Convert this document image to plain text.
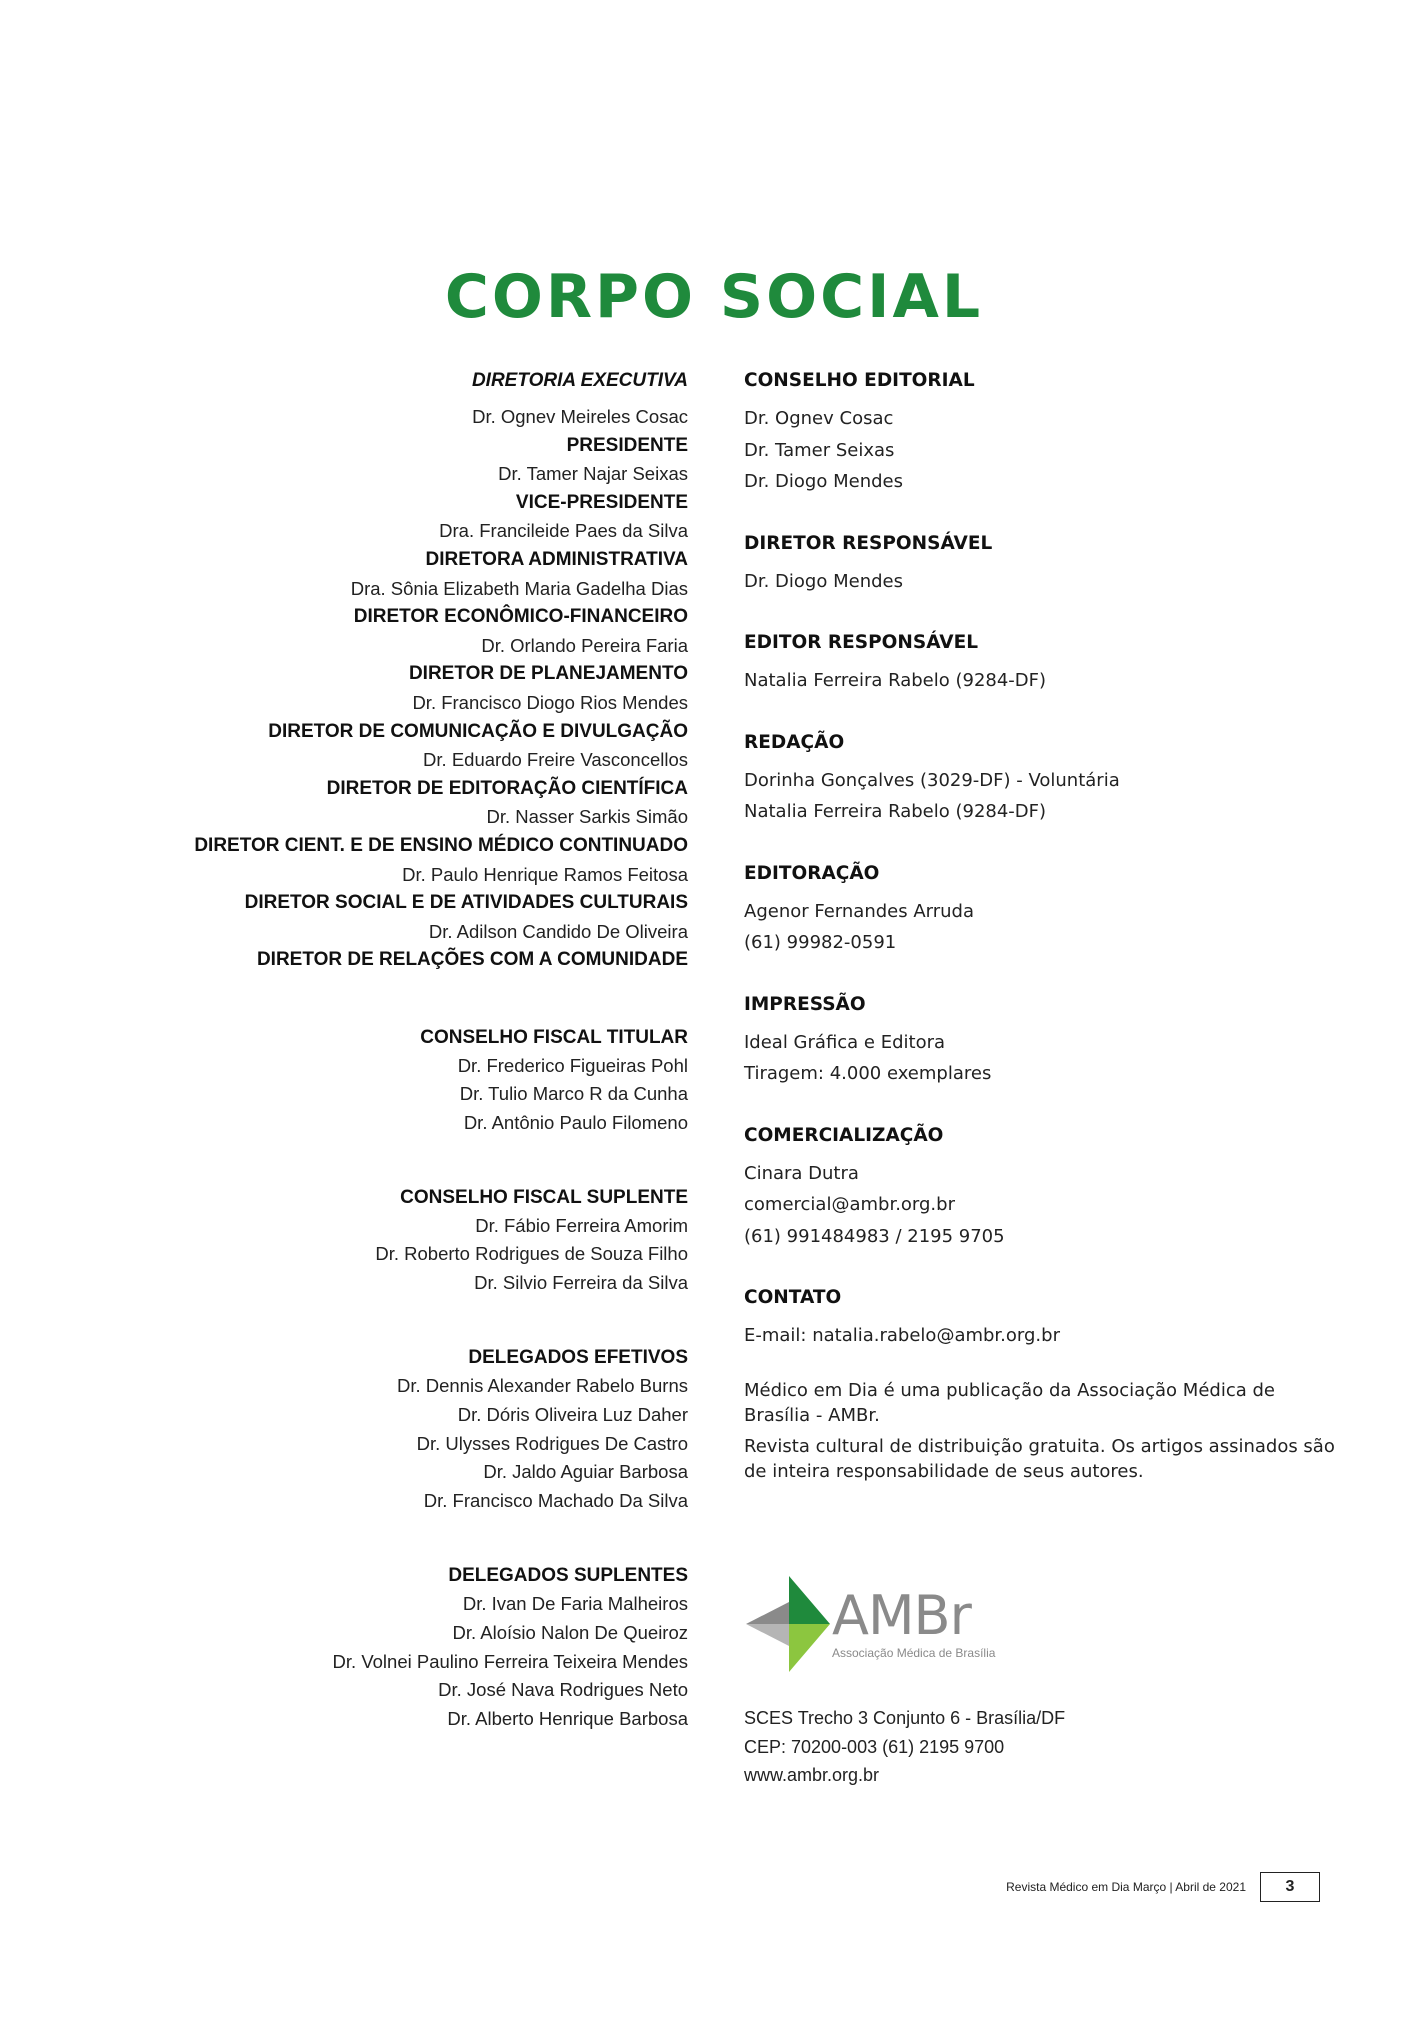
CORPO SOCIAL
DIRETORIA EXECUTIVA
Dr. Ognev Meireles Cosac
PRESIDENTE
Dr. Tamer Najar Seixas
VICE-PRESIDENTE
Dra. Francileide Paes da Silva
DIRETORA ADMINISTRATIVA
Dra. Sônia Elizabeth Maria Gadelha Dias
DIRETOR ECONÔMICO-FINANCEIRO
Dr. Orlando Pereira Faria
DIRETOR DE PLANEJAMENTO
Dr. Francisco Diogo Rios Mendes
DIRETOR DE COMUNICAÇÃO E DIVULGAÇÃO
Dr. Eduardo Freire Vasconcellos
DIRETOR DE EDITORAÇÃO CIENTÍFICA
Dr. Nasser Sarkis Simão
DIRETOR CIENT. E DE ENSINO MÉDICO CONTINUADO
Dr. Paulo Henrique Ramos Feitosa
DIRETOR SOCIAL E DE ATIVIDADES CULTURAIS
Dr. Adilson Candido De Oliveira
DIRETOR DE RELAÇÕES COM A COMUNIDADE
CONSELHO FISCAL TITULAR
Dr. Frederico Figueiras Pohl
Dr. Tulio Marco R da Cunha
Dr. Antônio Paulo Filomeno
CONSELHO FISCAL SUPLENTE
Dr. Fábio Ferreira Amorim
Dr. Roberto Rodrigues de Souza Filho
Dr. Silvio Ferreira da Silva
DELEGADOS EFETIVOS
Dr. Dennis Alexander Rabelo Burns
Dr. Dóris Oliveira Luz Daher
Dr. Ulysses Rodrigues De Castro
Dr. Jaldo Aguiar Barbosa
Dr. Francisco Machado Da Silva
DELEGADOS SUPLENTES
Dr. Ivan De Faria Malheiros
Dr. Aloísio Nalon De Queiroz
Dr. Volnei Paulino Ferreira Teixeira Mendes
Dr. José Nava Rodrigues Neto
Dr. Alberto Henrique Barbosa
CONSELHO EDITORIAL
Dr. Ognev Cosac
Dr. Tamer Seixas
Dr. Diogo Mendes
DIRETOR RESPONSÁVEL
Dr. Diogo Mendes
EDITOR RESPONSÁVEL
Natalia Ferreira Rabelo (9284-DF)
REDAÇÃO
Dorinha Gonçalves (3029-DF) - Voluntária
Natalia Ferreira Rabelo (9284-DF)
EDITORAÇÃO
Agenor Fernandes Arruda
(61) 99982-0591
IMPRESSÃO
Ideal Gráfica e Editora
Tiragem: 4.000 exemplares
COMERCIALIZAÇÃO
Cinara Dutra
comercial@ambr.org.br
(61) 991484983 / 2195 9705
CONTATO
E-mail: natalia.rabelo@ambr.org.br

Médico em Dia é uma publicação da Associação Médica de Brasília - AMBr.

Revista cultural de distribuição gratuita. Os artigos assinados são de inteira responsabilidade de seus autores.

AMBr
Associação Médica de Brasília
SCES Trecho 3 Conjunto 6 - Brasília/DF
CEP: 70200-003 (61) 2195 9700
www.ambr.org.br
Revista Médico em Dia Março | Abril de 2021	3
